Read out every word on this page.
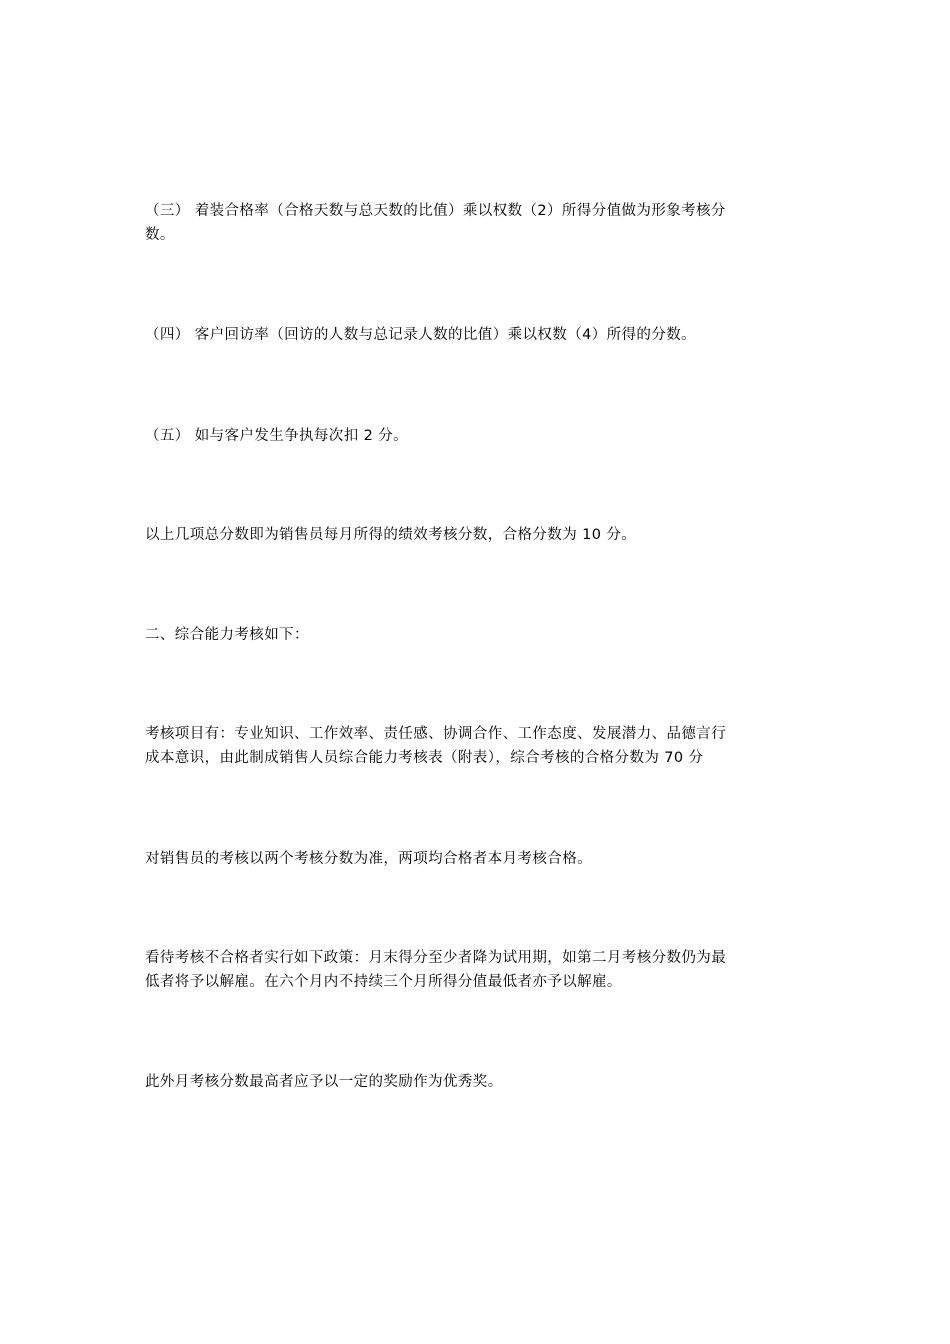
（三） 着装合格率（合格天数与总天数的比值）乘以权数（2）所得分值做为形象考核分
数。

（四） 客户回访率（回访的人数与总记录人数的比值）乘以权数（4）所得的分数。

（五） 如与客户发生争执每次扣 2 分。

以上几项总分数即为销售员每月所得的绩效考核分数，合格分数为 10 分。

二、综合能力考核如下：

考核项目有：专业知识、工作效率、责任感、协调合作、工作态度、发展潜力、品德言行
成本意识，由此制成销售人员综合能力考核表（附表），综合考核的合格分数为 70 分

对销售员的考核以两个考核分数为准，两项均合格者本月考核合格。

看待考核不合格者实行如下政策：月末得分至少者降为试用期，如第二月考核分数仍为最
低者将予以解雇。在六个月内不持续三个月所得分值最低者亦予以解雇。

此外月考核分数最高者应予以一定的奖励作为优秀奖。
